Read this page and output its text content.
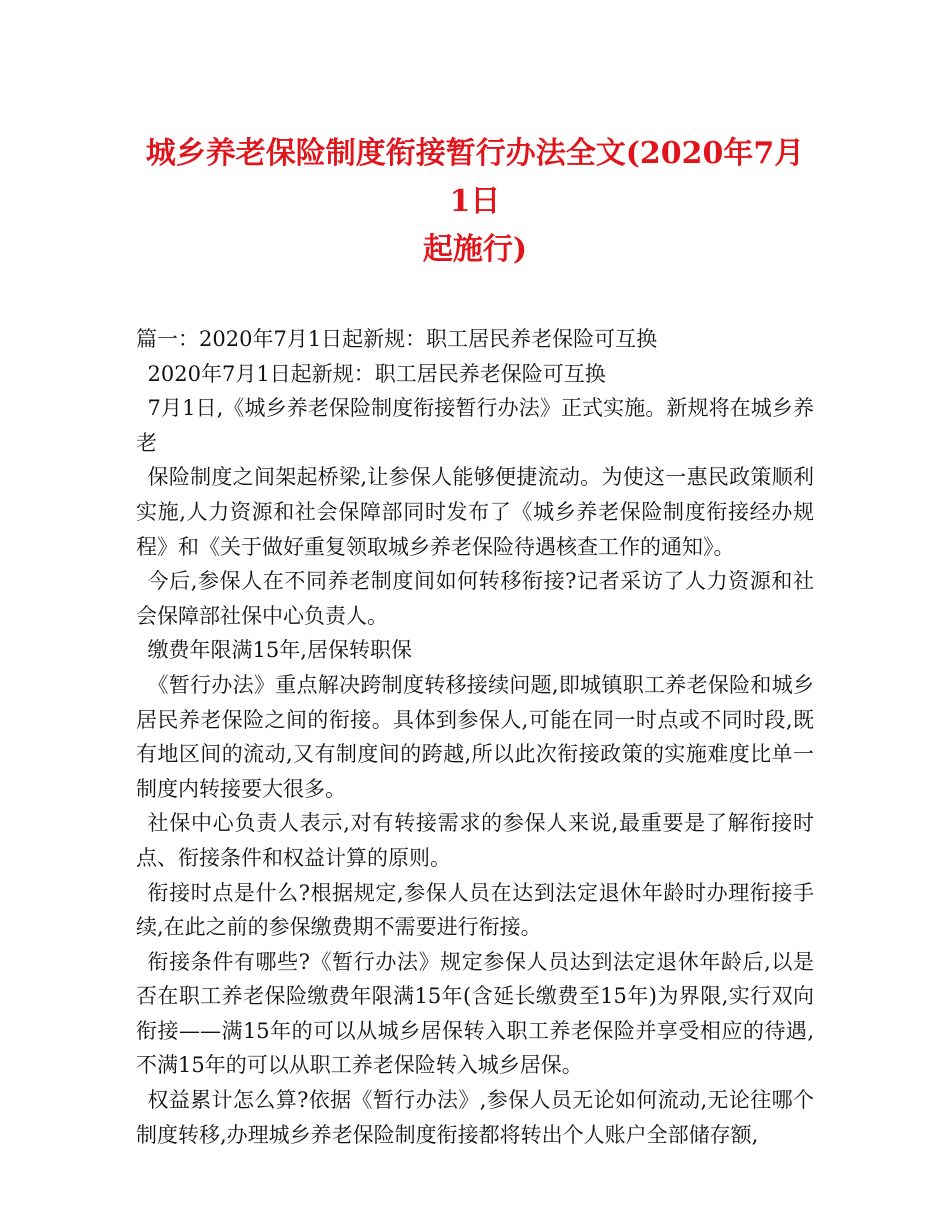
城乡养老保险制度衔接暂行办法全文(2020年7月1日
起施行)

篇一：2020年7月1日起新规：职工居民养老保险可互换

2020年7月1日起新规：职工居民养老保险可互换

7月1日,《城乡养老保险制度衔接暂行办法》正式实施。新规将在城乡养老

保险制度之间架起桥梁,让参保人能够便捷流动。为使这一惠民政策顺利实施,人力资源和社会保障部同时发布了《城乡养老保险制度衔接经办规程》和《关于做好重复领取城乡养老保险待遇核查工作的通知》。

今后,参保人在不同养老制度间如何转移衔接?记者采访了人力资源和社会保障部社保中心负责人。

缴费年限满15年,居保转职保

《暂行办法》重点解决跨制度转移接续问题,即城镇职工养老保险和城乡居民养老保险之间的衔接。具体到参保人,可能在同一时点或不同时段,既有地区间的流动,又有制度间的跨越,所以此次衔接政策的实施难度比单一制度内转接要大很多。

社保中心负责人表示,对有转接需求的参保人来说,最重要是了解衔接时点、衔接条件和权益计算的原则。

衔接时点是什么?根据规定,参保人员在达到法定退休年龄时办理衔接手续,在此之前的参保缴费期不需要进行衔接。

衔接条件有哪些?《暂行办法》规定参保人员达到法定退休年龄后,以是否在职工养老保险缴费年限满15年(含延长缴费至15年)为界限,实行双向衔接——满15年的可以从城乡居保转入职工养老保险并享受相应的待遇,不满15年的可以从职工养老保险转入城乡居保。

权益累计怎么算?依据《暂行办法》,参保人员无论如何流动,无论往哪个制度转移,办理城乡养老保险制度衔接都将转出个人账户全部储存额,
